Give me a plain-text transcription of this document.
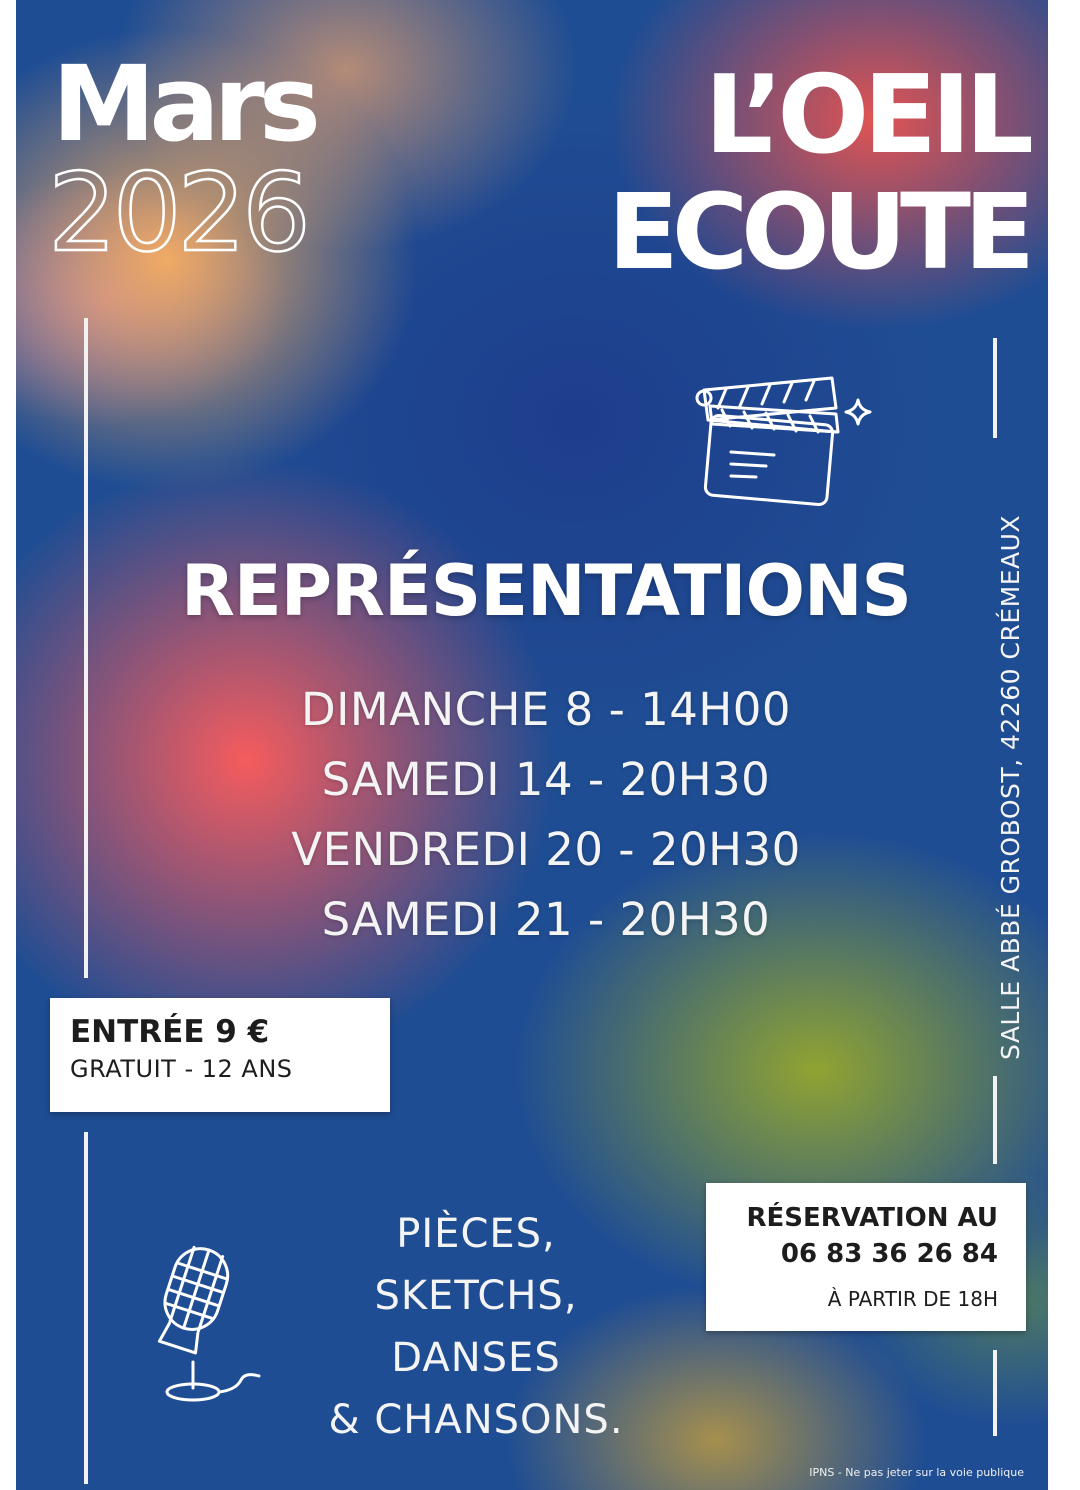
Mars
2026
L’OEIL
ECOUTE
REPRÉSENTATIONS
DIMANCHE 8 - 14H00
SAMEDI 14 - 20H30
VENDREDI 20 - 20H30
SAMEDI 21 - 20H30
ENTRÉE 9 €
GRATUIT - 12 ANS
SALLE ABBÉ GROBOST, 42260 CRÉMEAUX
PIÈCES,
SKETCHS,
DANSES
& CHANSONS.
RÉSERVATION AU
06 83 36 26 84
À PARTIR DE 18H
IPNS - Ne pas jeter sur la voie publique
